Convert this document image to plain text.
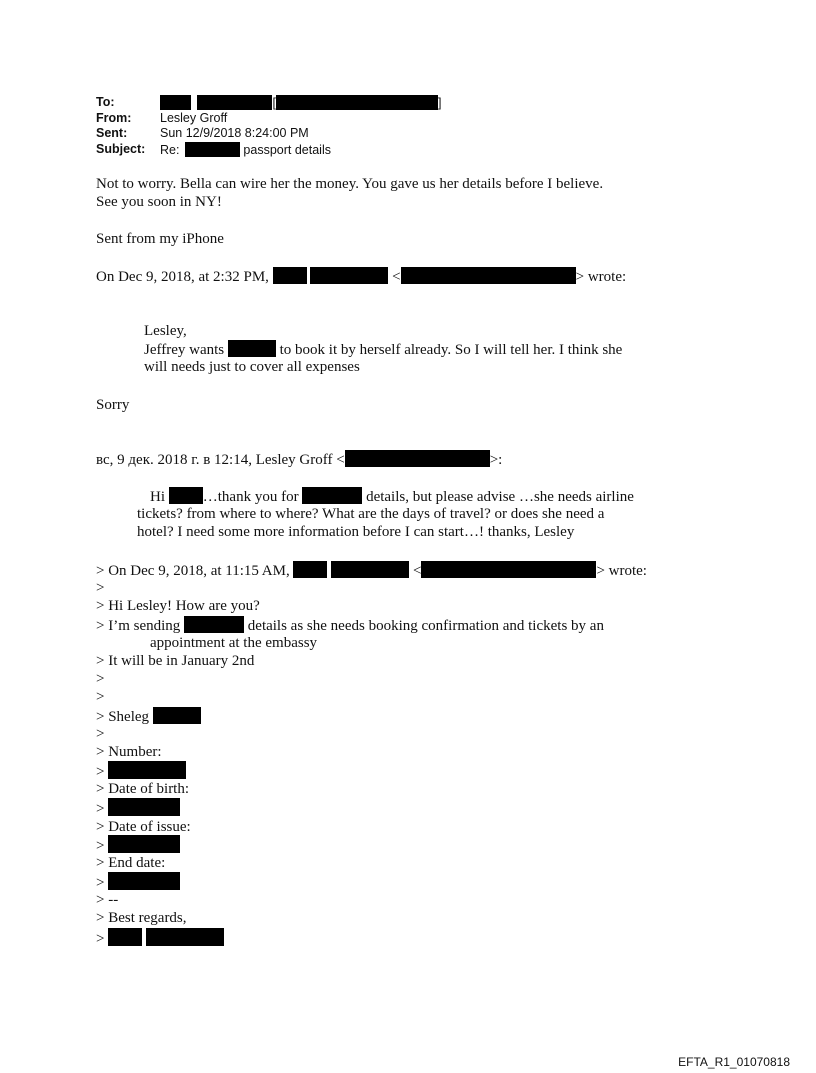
To:	[	]
From: Lesley Groff
Sent:	Sun 12/9/2018 8:24:00 PM
Subject: Re:	passport details
Not to worry. Bella can wire her the money. You gave us her details before I believe.
See you soon in NY!
Sent from my iPhone
On Dec 9, 2018, at 2:32 PM,	<	> wrote:
Lesley,
Jeffrey wants	to book it by herself already. So I will tell her. I think she
will needs just to cover all expenses
Sorry
вс, 9 дек. 2018 г. в 12:14, Lesley Groff <	>:
Hi	…thank you for	details, but please advise …she needs airline
tickets? from where to where? What are the days of travel? or does she need a
hotel? I need some more information before I can start…! thanks, Lesley
> On Dec 9, 2018, at 11:15 AM,	<	> wrote:
>
> Hi Lesley! How are you?
> I’m sending	details as she needs booking confirmation and tickets by an
appointment at the embassy
> It will be in January 2nd
>
>
> Sheleg
>
> Number:
>
> Date of birth:
>
> Date of issue:
>
> End date:
>
> --
> Best regards,
>
EFTA_R1_01070818
